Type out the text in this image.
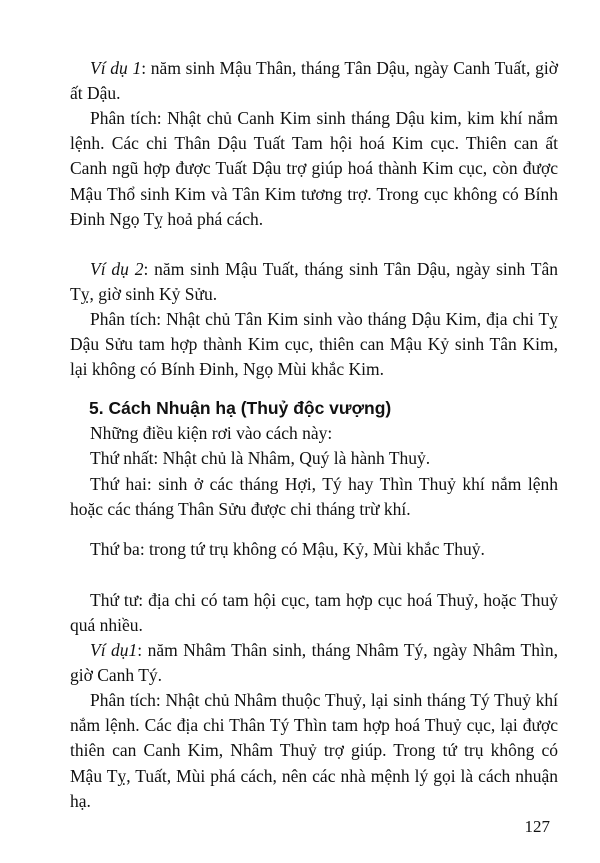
Ví dụ 1: năm sinh Mậu Thân, tháng Tân Dậu, ngày Canh Tuất, giờ ất Dậu.

Phân tích: Nhật chủ Canh Kim sinh tháng Dậu kim, kim khí nắm lệnh. Các chi Thân Dậu Tuất Tam hội hoá Kim cục. Thiên can ất Canh ngũ hợp được Tuất Dậu trợ giúp hoá thành Kim cục, còn được Mậu Thổ sinh Kim và Tân Kim tương trợ. Trong cục không có Bính Đinh Ngọ Tỵ hoả phá cách.

Ví dụ 2: năm sinh Mậu Tuất, tháng sinh Tân Dậu, ngày sinh Tân Tỵ, giờ sinh Kỷ Sửu.

Phân tích: Nhật chủ Tân Kim sinh vào tháng Dậu Kim, địa chi Tỵ Dậu Sửu tam hợp thành Kim cục, thiên can Mậu Kỷ sinh Tân Kim, lại không có Bính Đinh, Ngọ Mùi khắc Kim.

5. Cách Nhuận hạ (Thuỷ độc vượng)

Những điều kiện rơi vào cách này:

Thứ nhất: Nhật chủ là Nhâm, Quý là hành Thuỷ.

Thứ hai: sinh ở các tháng Hợi, Tý hay Thìn Thuỷ khí nắm lệnh hoặc các tháng Thân Sửu được chi tháng trừ khí.

Thứ ba: trong tứ trụ không có Mậu, Kỷ, Mùi khắc Thuỷ.

Thứ tư: địa chi có tam hội cục, tam hợp cục hoá Thuỷ, hoặc Thuỷ quá nhiều.

Ví dụ1: năm Nhâm Thân sinh, tháng Nhâm Tý, ngày Nhâm Thìn, giờ Canh Tý.

Phân tích: Nhật chủ Nhâm thuộc Thuỷ, lại sinh tháng Tý Thuỷ khí nắm lệnh. Các địa chi Thân Tý Thìn tam hợp hoá Thuỷ cục, lại được thiên can Canh Kim, Nhâm Thuỷ trợ giúp. Trong tứ trụ không có Mậu Tỵ, Tuất, Mùi phá cách, nên các nhà mệnh lý gọi là cách nhuận hạ.

127
